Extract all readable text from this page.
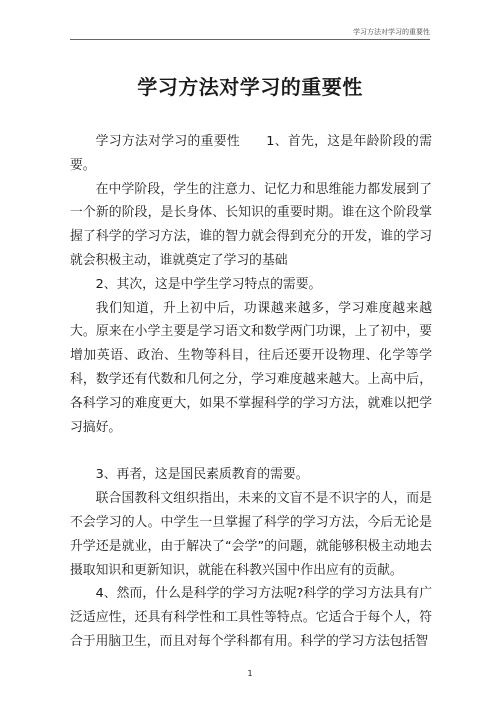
学习方法对学习的重要性
学习方法对学习的重要性

学习方法对学习的重要性　　1、首先，这是年龄阶段的需要。

在中学阶段，学生的注意力、记忆力和思维能力都发展到了一个新的阶段，是长身体、长知识的重要时期。谁在这个阶段掌握了科学的学习方法，谁的智力就会得到充分的开发，谁的学习就会积极主动，谁就奠定了学习的基础

2、其次，这是中学生学习特点的需要。

我们知道，升上初中后，功课越来越多，学习难度越来越大。原来在小学主要是学习语文和数学两门功课，上了初中，要增加英语、政治、生物等科目，往后还要开设物理、化学等学科，数学还有代数和几何之分，学习难度越来越大。上高中后，各科学习的难度更大，如果不掌握科学的学习方法，就难以把学习搞好。

3、再者，这是国民素质教育的需要。

联合国教科文组织指出，未来的文盲不是不识字的人，而是不会学习的人。中学生一旦掌握了科学的学习方法，今后无论是升学还是就业，由于解决了“会学”的问题，就能够积极主动地去摄取知识和更新知识，就能在科教兴国中作出应有的贡献。

4、然而，什么是科学的学习方法呢?科学的学习方法具有广泛适应性，还具有科学性和工具性等特点。它适合于每个人，符合于用脑卫生，而且对每个学科都有用。科学的学习方法包括智

1
